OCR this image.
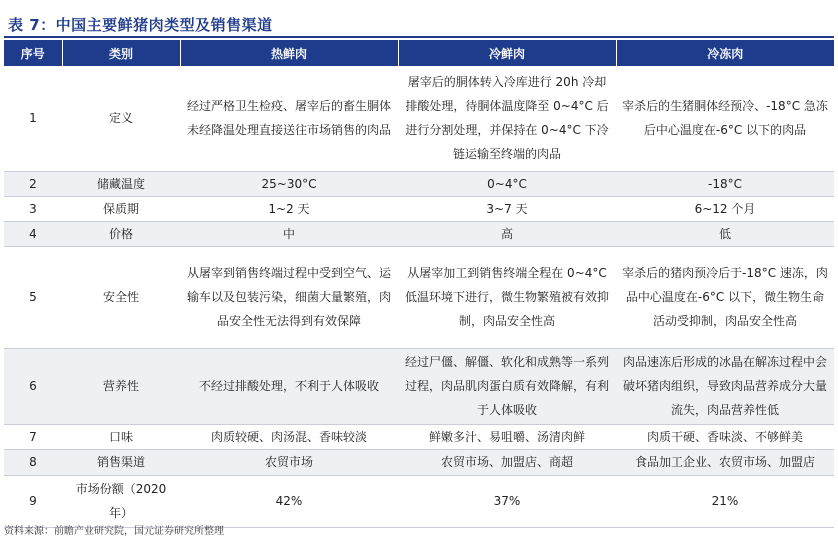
表 7：中国主要鲜猪肉类型及销售渠道
序号	类别	热鲜肉	冷鲜肉	冷冻肉
1	定义	经过严格卫生检疫、屠宰后的畜生胴体未经降温处理直接送往市场销售的肉品	屠宰后的胴体转入冷库进行 20h 冷却排酸处理，待胴体温度降至 0~4°C 后进行分割处理，并保持在 0~4°C 下冷链运输至终端的肉品	宰杀后的生猪胴体经预冷、-18°C 急冻后中心温度在-6°C 以下的肉品
2	储藏温度	25~30°C	0~4°C	-18°C
3	保质期	1~2 天	3~7 天	6~12 个月
4	价格	中	高	低
5	安全性	从屠宰到销售终端过程中受到空气、运输车以及包装污染，细菌大量繁殖，肉品安全性无法得到有效保障	从屠宰加工到销售终端全程在 0~4°C 低温环境下进行，微生物繁殖被有效抑制，肉品安全性高	宰杀后的猪肉预冷后于-18°C 速冻，肉品中心温度在-6°C 以下，微生物生命活动受抑制，肉品安全性高
6	营养性	不经过排酸处理，不利于人体吸收	经过尸僵、解僵、软化和成熟等一系列过程，肉品肌肉蛋白质有效降解，有利于人体吸收	肉品速冻后形成的冰晶在解冻过程中会破坏猪肉组织，导致肉品营养成分大量流失，肉品营养性低
7	口味	肉质较硬、肉汤混、香味较淡	鲜嫩多汁、易咀嚼、汤清肉鲜	肉质干硬、香味淡、不够鲜美
8	销售渠道	农贸市场	农贸市场、加盟店、商超	食品加工企业、农贸市场、加盟店
9	市场份额（2020 年）	42%	37%	21%
资料来源：前瞻产业研究院，国元证券研究所整理
